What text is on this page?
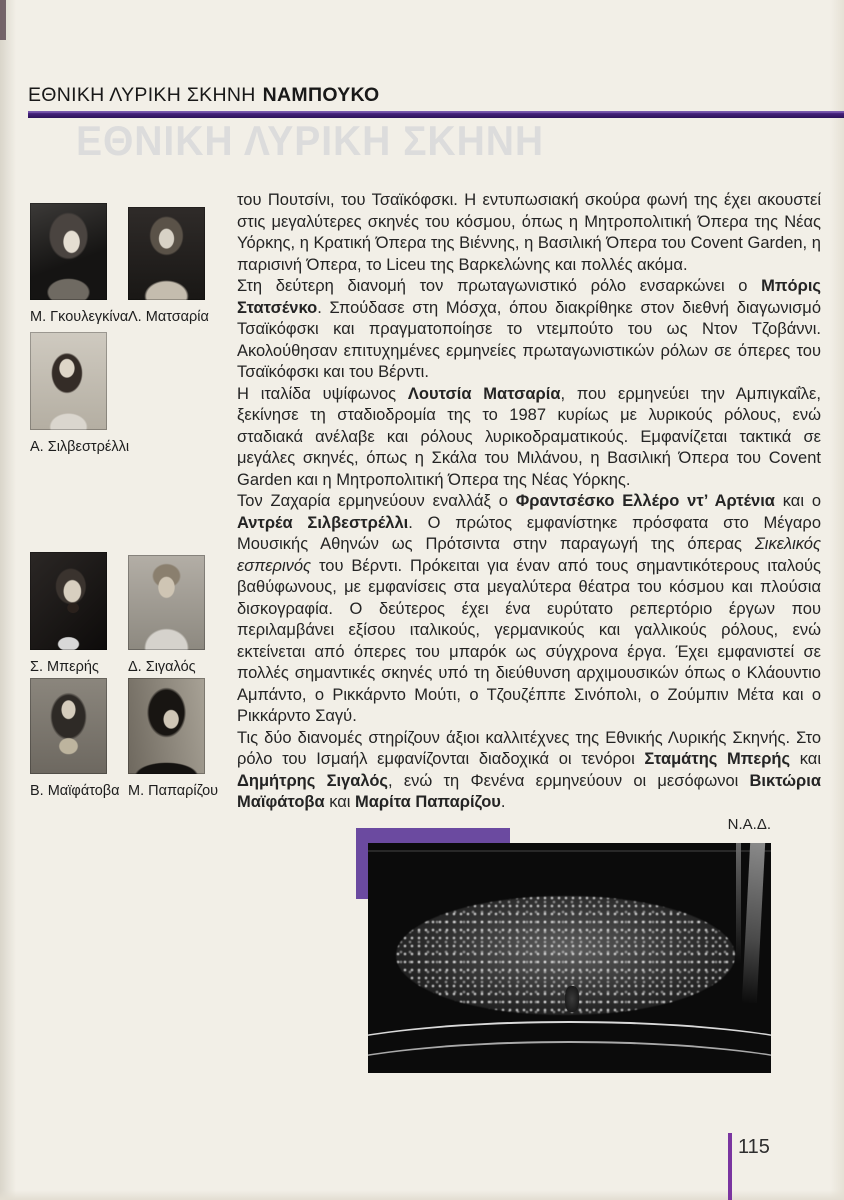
ΕΘΝΙΚΗ ΛΥΡΙΚΗ ΣΚΗΝΗ ΝΑΜΠΟΥΚΟ
ΕΘΝΙΚΗ ΛΥΡΙΚΗ ΣΚΗΝΗ
Μ. Γκουλεγκίνα Λ. Ματσαρία
Α. Σιλβεστρέλλι
Σ. Μπερής	Δ. Σιγαλός
Β. Μαϊφάτοβα Μ. Παπαρίζου

του Πουτσίνι, του Τσαϊκόφσκι. Η εντυπωσιακή σκούρα φωνή της έχει ακουστεί στις μεγαλύτερες σκηνές του κόσμου, όπως η Μητροπολιτική Όπερα της Νέας Υόρκης, η Κρατική Όπερα της Βιέννης, η Βασιλική Όπερα του Covent Garden, η παρισινή Όπερα, το Liceu της Βαρκελώνης και πολλές ακόμα.

Στη δεύτερη διανομή τον πρωταγωνιστικό ρόλο ενσαρκώνει ο Μπόρις Στατσένκο. Σπούδασε στη Μόσχα, όπου διακρίθηκε στον διεθνή διαγωνισμό Τσαϊκόφσκι και πραγματοποίησε το ντεμπούτο του ως Ντον Τζοβάννι. Ακολούθησαν επιτυχημένες ερμηνείες πρωταγωνιστικών ρόλων σε όπερες του Τσαϊκόφσκι και του Βέρντι.

Η ιταλίδα υψίφωνος Λουτσία Ματσαρία, που ερμηνεύει την Αμπιγκαΐλε, ξεκίνησε τη σταδιοδρομία της το 1987 κυρίως με λυρικούς ρόλους, ενώ σταδιακά ανέλαβε και ρόλους λυρικοδραματικούς. Εμφανίζεται τακτικά σε μεγάλες σκηνές, όπως η Σκάλα του Μιλάνου, η Βασιλική Όπερα του Covent Garden και η Μητροπολιτική Όπερα της Νέας Υόρκης.

Τον Ζαχαρία ερμηνεύουν εναλλάξ ο Φραντσέσκο Ελλέρο ντ’ Αρτένια και ο Αντρέα Σιλβεστρέλλι. Ο πρώτος εμφανίστηκε πρόσφατα στο Μέγαρο Μουσικής Αθηνών ως Πρότσιντα στην παραγωγή της όπερας Σικελικός εσπερινός του Βέρντι. Πρόκειται για έναν από τους σημαντικότερους ιταλούς βαθύφωνους, με εμφανίσεις στα μεγαλύτερα θέατρα του κόσμου και πλούσια δισκογραφία. Ο δεύτερος έχει ένα ευρύτατο ρεπερτόριο έργων που περιλαμβάνει εξίσου ιταλικούς, γερμανικούς και γαλλικούς ρόλους, ενώ εκτείνεται από όπερες του μπαρόκ ως σύγχρονα έργα. Έχει εμφανιστεί σε πολλές σημαντικές σκηνές υπό τη διεύθυνση αρχιμουσικών όπως ο Κλάουντιο Αμπάντο, ο Ρικκάρντο Μούτι, ο Τζουζέππε Σινόπολι, ο Ζούμπιν Μέτα και ο Ρικκάρντο Σαγύ.

Τις δύο διανομές στηρίζουν άξιοι καλλιτέχνες της Εθνικής Λυρικής Σκηνής. Στο ρόλο του Ισμαήλ εμφανίζονται διαδοχικά οι τενόροι Σταμάτης Μπερής και Δημήτρης Σιγαλός, ενώ τη Φενένα ερμηνεύουν οι μεσόφωνοι Βικτώρια Μαϊφάτοβα και Μαρίτα Παπαρίζου.

Ν.Α.Δ.
115
